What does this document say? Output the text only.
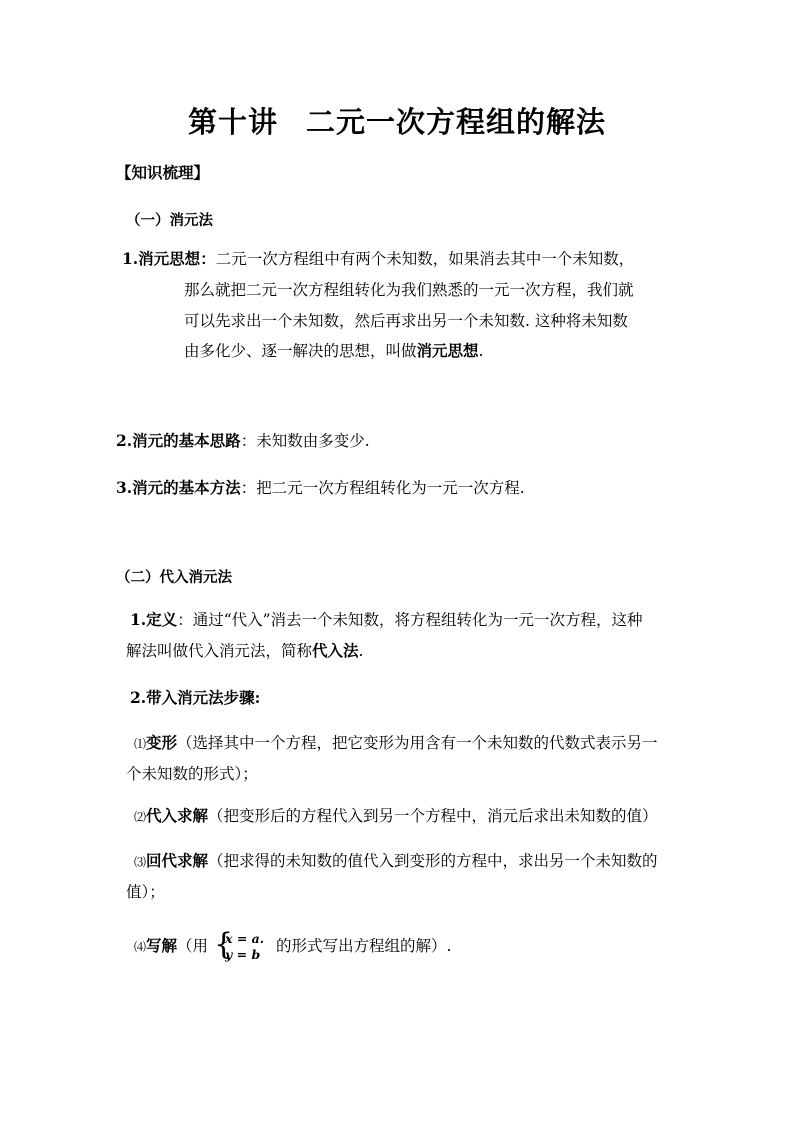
第十讲 二元一次方程组的解法
【知识梳理】
（一）消元法
1.消元思想：二元一次方程组中有两个未知数，如果消去其中一个未知数，
那么就把二元一次方程组转化为我们熟悉的一元一次方程，我们就
可以先求出一个未知数，然后再求出另一个未知数. 这种将未知数
由多化少、逐一解决的思想，叫做消元思想.
2.消元的基本思路：未知数由多变少.
3.消元的基本方法：把二元一次方程组转化为一元一次方程.
（二）代入消元法
1.定义：通过“代入”消去一个未知数，将方程组转化为一元一次方程，这种
解法叫做代入消元法，简称代入法.
2.带入消元法步骤:
⑴变形（选择其中一个方程，把它变形为用含有一个未知数的代数式表示另一
个未知数的形式）；
⑵代入求解（把变形后的方程代入到另一个方程中，消元后求出未知数的值）
⑶回代求解（把求得的未知数的值代入到变形的方程中，求出另一个未知数的
值）；
⑷写解（用 {
x = a.
y = b 的形式写出方程组的解）.
